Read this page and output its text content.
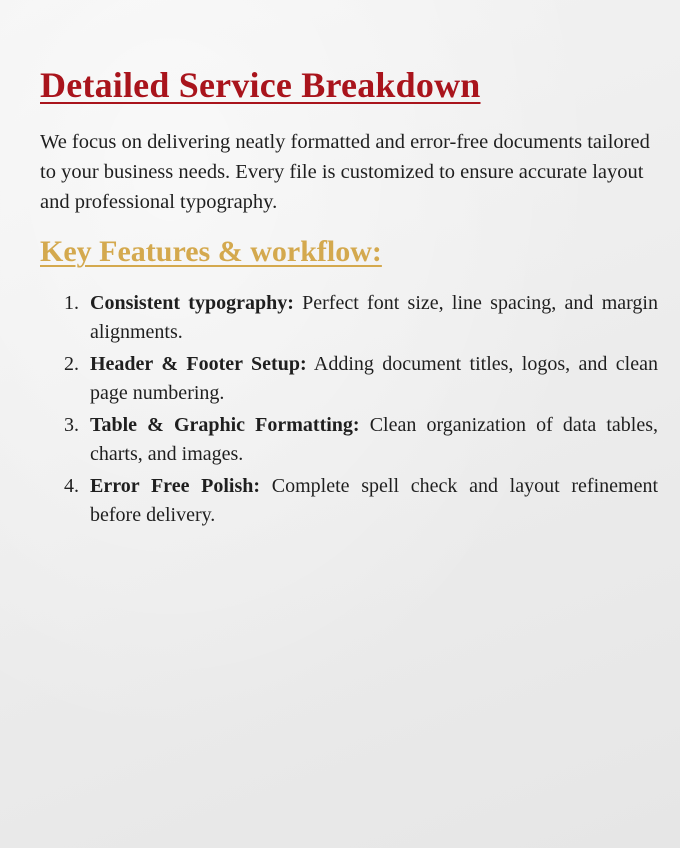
Detailed Service Breakdown

We focus on delivering neatly formatted and error-free documents tailored to your business needs. Every file is customized to ensure accurate layout and professional typography.

Key Features & workflow:
1. Consistent typography: Perfect font size, line spacing, and margin alignments.
2. Header & Footer Setup: Adding document titles, logos, and clean page numbering.
3. Table & Graphic Formatting: Clean organization of data tables, charts, and images.
4. Error Free Polish: Complete spell check and layout refinement before delivery.
